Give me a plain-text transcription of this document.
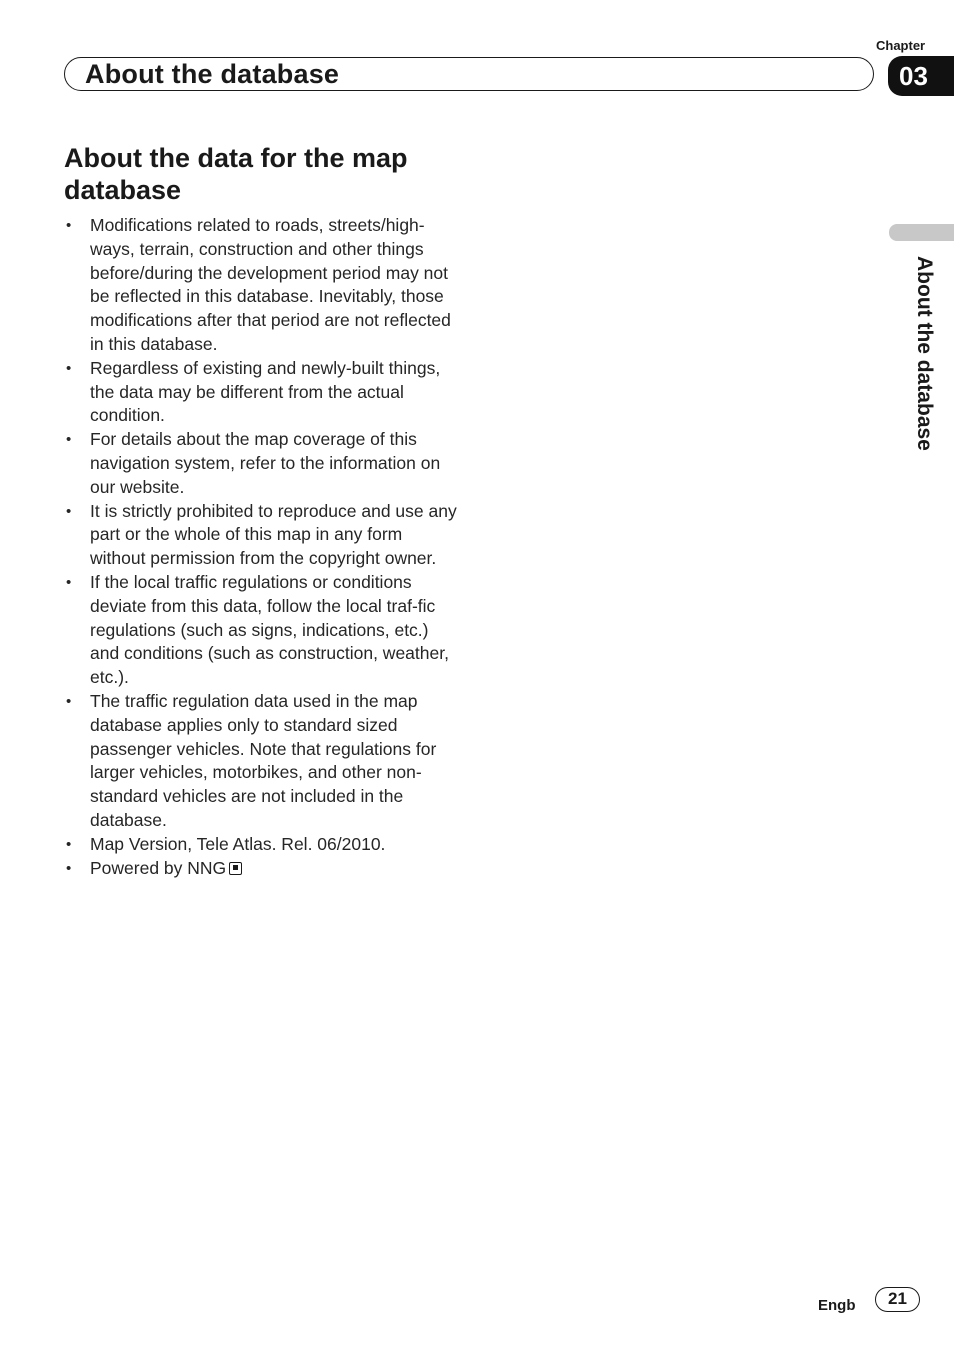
Chapter
About the database	03
About the database
About the data for the map database
• Modifications related to roads, streets/high-ways, terrain, construction and other things before/during the development period may not be reflected in this database. Inevitably, those modifications after that period are not reflected in this database.
• Regardless of existing and newly-built things, the data may be different from the actual condition.
• For details about the map coverage of this navigation system, refer to the information on our website.
• It is strictly prohibited to reproduce and use any part or the whole of this map in any form without permission from the copyright owner.
• If the local traffic regulations or conditions deviate from this data, follow the local traf-fic regulations (such as signs, indications, etc.) and conditions (such as construction, weather, etc.).
• The traffic regulation data used in the map database applies only to standard sized passenger vehicles. Note that regulations for larger vehicles, motorbikes, and other non-standard vehicles are not included in the database.
• Map Version, Tele Atlas. Rel. 06/2010.
• Powered by NNG
Engb	21
